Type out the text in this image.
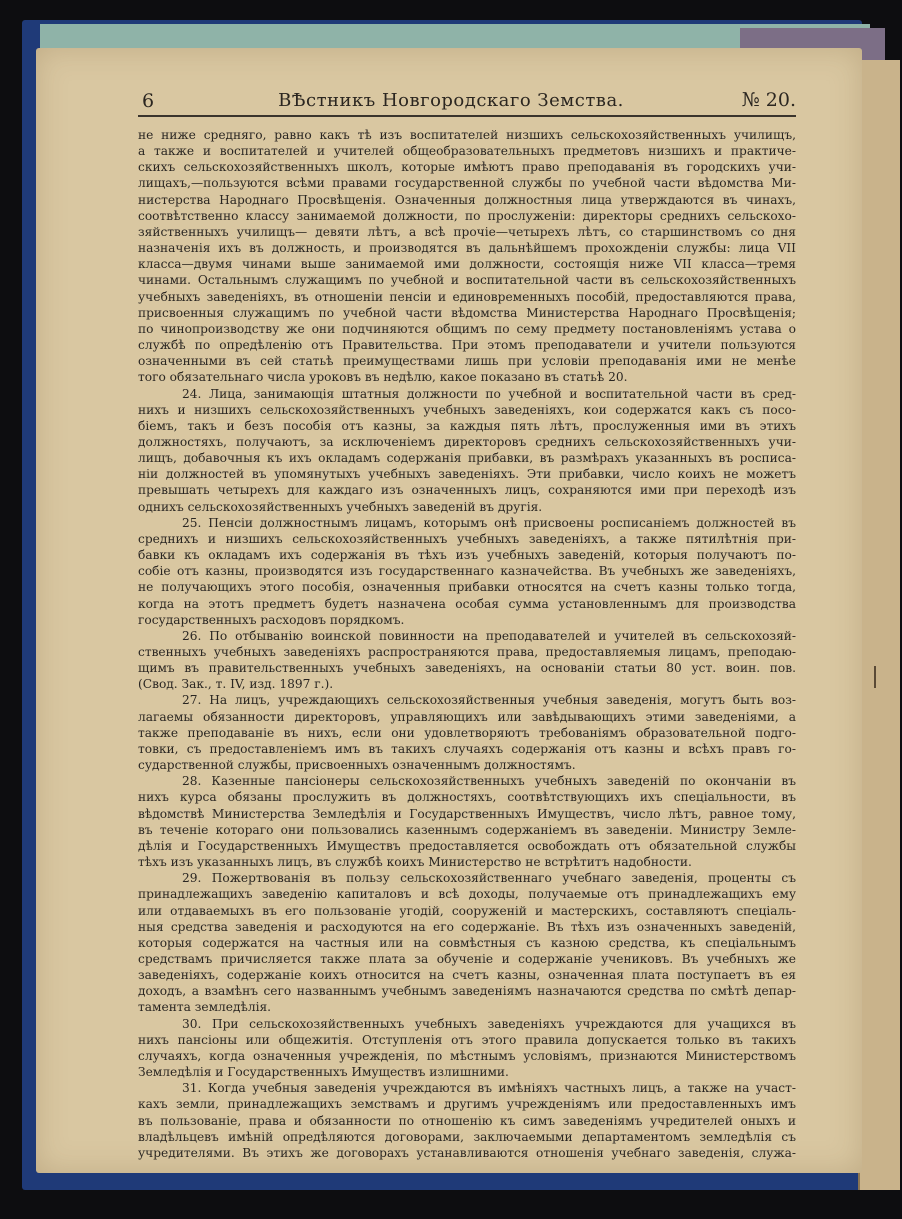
6	ВѢстникъ Новгородскаго Земства.	№ 20.
не ниже средняго, равно какъ тѣ изъ воспитателей низшихъ сельскохозяйственныхъ училищъ,
а также и воспитателей и учителей общеобразовательныхъ предметовъ низшихъ и практиче-
скихъ сельскохозяйственныхъ школъ, которые имѣютъ право преподаванія въ городскихъ учи-
лищахъ,—пользуются всѣми правами государственной службы по учебной части вѣдомства Ми-
нистерства Народнаго Просвѣщенія. Означенныя должностныя лица утверждаются въ чинахъ,
соотвѣтственно классу занимаемой должности, по прослуженіи: директоры среднихъ сельскохо-
зяйственныхъ училищъ— девяти лѣтъ, а всѣ прочіе—четырехъ лѣтъ, со старшинствомъ со дня
назначенія ихъ въ должность, и производятся въ дальнѣйшемъ прохожденіи службы: лица VII
класса—двумя чинами выше занимаемой ими должности, состоящія ниже VII класса—тремя
чинами. Остальнымъ служащимъ по учебной и воспитательной части въ сельскохозяйственныхъ
учебныхъ заведеніяхъ, въ отношеніи пенсіи и единовременныхъ пособій, предоставляются права,
присвоенныя служащимъ по учебной части вѣдомства Министерства Народнаго Просвѣщенія;
по чинопроизводству же они подчиняются общимъ по сему предмету постановленіямъ устава о
службѣ по опредѣленію отъ Правительства. При этомъ преподаватели и учители пользуются
означенными въ сей статьѣ преимуществами лишь при условіи преподаванія ими не менѣе
того обязательнаго числа уроковъ въ недѣлю, какое показано въ статьѣ 20.
24. Лица, занимающія штатныя должности по учебной и воспитательной части въ сред-
нихъ и низшихъ сельскохозяйственныхъ учебныхъ заведеніяхъ, кои содержатся какъ съ посо-
біемъ, такъ и безъ пособія отъ казны, за каждыя пять лѣтъ, прослуженныя ими въ этихъ
должностяхъ, получаютъ, за исключеніемъ директоровъ среднихъ сельскохозяйственныхъ учи-
лищъ, добавочныя къ ихъ окладамъ содержанія прибавки, въ размѣрахъ указанныхъ въ росписа-
ніи должностей въ упомянутыхъ учебныхъ заведеніяхъ. Эти прибавки, число коихъ не можетъ
превышать четырехъ для каждаго изъ означенныхъ лицъ, сохраняются ими при переходѣ изъ
однихъ сельскохозяйственныхъ учебныхъ заведеній въ другія.
25. Пенсіи должностнымъ лицамъ, которымъ онѣ присвоены росписаніемъ должностей въ
среднихъ и низшихъ сельскохозяйственныхъ учебныхъ заведеніяхъ, а также пятилѣтнія при-
бавки къ окладамъ ихъ содержанія въ тѣхъ изъ учебныхъ заведеній, которыя получаютъ по-
собіе отъ казны, производятся изъ государственнаго казначейства. Въ учебныхъ же заведеніяхъ,
не получающихъ этого пособія, означенныя прибавки относятся на счетъ казны только тогда,
когда на этотъ предметъ будетъ назначена особая сумма установленнымъ для производства
государственныхъ расходовъ порядкомъ.
26. По отбыванію воинской повинности на преподавателей и учителей въ сельскохозяй-
ственныхъ учебныхъ заведеніяхъ распространяются права, предоставляемыя лицамъ, преподаю-
щимъ въ правительственныхъ учебныхъ заведеніяхъ, на основаніи статьи 80 уст. воин. пов.
(Свод. Зак., т. IV, изд. 1897 г.).
27. На лицъ, учреждающихъ сельскохозяйственныя учебныя заведенія, могутъ быть воз-
лагаемы обязанности директоровъ, управляющихъ или завѣдывающихъ этими заведеніями, а
также преподаваніе въ нихъ, если они удовлетворяютъ требованіямъ образовательной подго-
товки, съ предоставленіемъ имъ въ такихъ случаяхъ содержанія отъ казны и всѣхъ правъ го-
сударственной службы, присвоенныхъ означеннымъ должностямъ.
28. Казенные пансіонеры сельскохозяйственныхъ учебныхъ заведеній по окончаніи въ
нихъ курса обязаны прослужить въ должностяхъ, соотвѣтствующихъ ихъ спеціальности, въ
вѣдомствѣ Министерства Земледѣлія и Государственныхъ Имуществъ, число лѣтъ, равное тому,
въ теченіе котораго они пользовались казеннымъ содержаніемъ въ заведеніи. Министру Земле-
дѣлія и Государственныхъ Имуществъ предоставляется освобождать отъ обязательной службы
тѣхъ изъ указанныхъ лицъ, въ службѣ коихъ Министерство не встрѣтитъ надобности.
29. Пожертвованія въ пользу сельскохозяйственнаго учебнаго заведенія, проценты съ
принадлежащихъ заведенію капиталовъ и всѣ доходы, получаемые отъ принадлежащихъ ему
или отдаваемыхъ въ его пользованіе угодій, сооруженій и мастерскихъ, составляютъ спеціаль-
ныя средства заведенія и расходуются на его содержаніе. Въ тѣхъ изъ означенныхъ заведеній,
которыя содержатся на частныя или на совмѣстныя съ казною средства, къ спеціальнымъ
средствамъ причисляется также плата за обученіе и содержаніе учениковъ. Въ учебныхъ же
заведеніяхъ, содержаніе коихъ относится на счетъ казны, означенная плата поступаетъ въ ея
доходъ, а взамѣнъ сего названнымъ учебнымъ заведеніямъ назначаются средства по смѣтѣ депар-
тамента земледѣлія.
30. При сельскохозяйственныхъ учебныхъ заведеніяхъ учреждаются для учащихся въ
нихъ пансіоны или общежитія. Отступленія отъ этого правила допускается только въ такихъ
случаяхъ, когда означенныя учрежденія, по мѣстнымъ условіямъ, признаются Министерствомъ
Земледѣлія и Государственныхъ Имуществъ излишними.
31. Когда учебныя заведенія учреждаются въ имѣніяхъ частныхъ лицъ, а также на участ-
кахъ земли, принадлежащихъ земствамъ и другимъ учрежденіямъ или предоставленныхъ имъ
въ пользованіе, права и обязанности по отношенію къ симъ заведеніямъ учредителей оныхъ и
владѣльцевъ имѣній опредѣляются договорами, заключаемыми департаментомъ земледѣлія съ
учредителями. Въ этихъ же договорахъ устанавливаются отношенія учебнаго заведенія, служа-
